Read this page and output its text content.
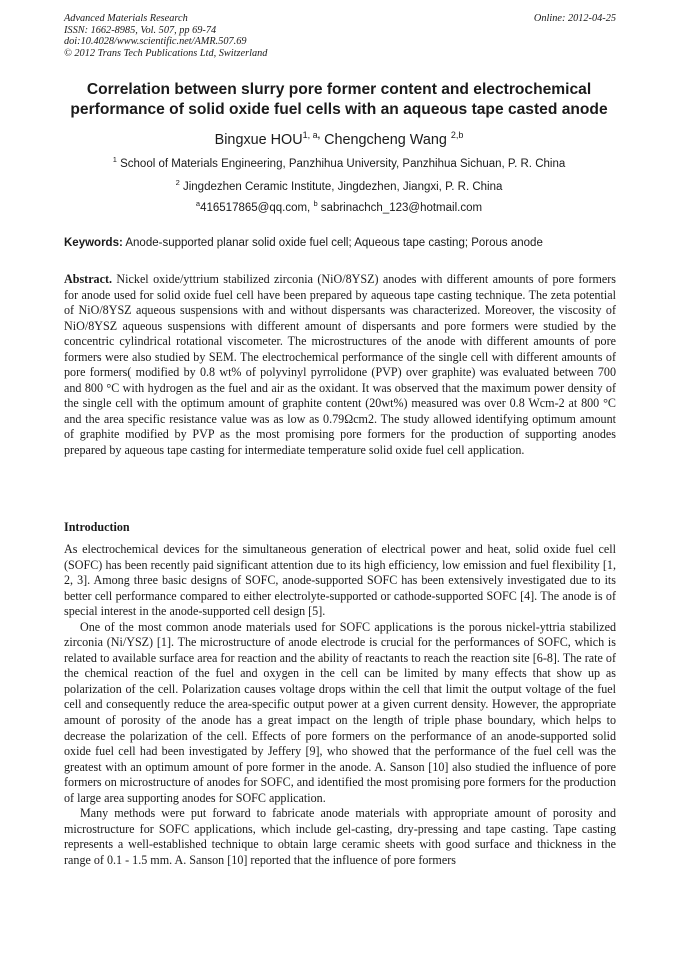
Advanced Materials Research
ISSN: 1662-8985, Vol. 507, pp 69-74
doi:10.4028/www.scientific.net/AMR.507.69
© 2012 Trans Tech Publications Ltd, Switzerland
Online: 2012-04-25
Correlation between slurry pore former content and electrochemical performance of solid oxide fuel cells with an aqueous tape casted anode
Bingxue $HOU^{1, a,}$ Chengcheng Wang $^{2,b}$
$^1$ School of Materials Engineering, Panzhihua University, Panzhihua Sichuan, P. R. China
$^2$ Jingdezhen Ceramic Institute, Jingdezhen, Jiangxi, P. R. China
$^a$416517865@qq.com, $^b$ sabrinachch_123@hotmail.com
Keywords: Anode-supported planar solid oxide fuel cell; Aqueous tape casting; Porous anode
Abstract. Nickel oxide/yttrium stabilized zirconia (NiO/8YSZ) anodes with different amounts of pore formers for anode used for solid oxide fuel cell have been prepared by aqueous tape casting technique. The zeta potential of NiO/8YSZ aqueous suspensions with and without dispersants was characterized. Moreover, the viscosity of NiO/8YSZ aqueous suspensions with different amount of dispersants and pore formers were studied by the concentric cylindrical rotational viscometer. The microstructures of the anode with different amounts of pore formers were also studied by SEM. The electrochemical performance of the single cell with different amounts of pore formers( modified by 0.8 wt% of polyvinyl pyrrolidone (PVP) over graphite) was evaluated between 700 and 800 °C with hydrogen as the fuel and air as the oxidant. It was observed that the maximum power density of the single cell with the optimum amount of graphite content (20wt%) measured was over 0.8 Wcm-2 at 800 °C and the area specific resistance value was as low as 0.79Ωcm2. The study allowed identifying optimum amount of graphite modified by PVP as the most promising pore formers for the production of supporting anodes prepared by aqueous tape casting for intermediate temperature solid oxide fuel cell application.
Introduction

As electrochemical devices for the simultaneous generation of electrical power and heat, solid oxide fuel cell (SOFC) has been recently paid significant attention due to its high efficiency, low emission and fuel flexibility [1, 2, 3]. Among three basic designs of SOFC, anode-supported SOFC has been extensively investigated due to its better cell performance compared to either electrolyte-supported or cathode-supported SOFC [4]. The anode is of special interest in the anode-supported cell design [5].

One of the most common anode materials used for SOFC applications is the porous nickel-yttria stabilized zirconia (Ni/YSZ) [1]. The microstructure of anode electrode is crucial for the performances of SOFC, which is related to available surface area for reaction and the ability of reactants to reach the reaction site [6-8]. The rate of the chemical reaction of the fuel and oxygen in the cell can be limited by many effects that show up as polarization of the cell. Polarization causes voltage drops within the cell that limit the output voltage of the fuel cell and consequently reduce the area-specific output power at a given current density. However, the appropriate amount of porosity of the anode has a great impact on the length of triple phase boundary, which helps to decrease the polarization of the cell. Effects of pore formers on the performance of an anode-supported solid oxide fuel cell had been investigated by Jeffery [9], who showed that the performance of the fuel cell was the greatest with an optimum amount of pore former in the anode. A. Sanson [10] also studied the influence of pore formers on microstructure of anodes for SOFC, and identified the most promising pore formers for the production of large area supporting anodes for SOFC application.

Many methods were put forward to fabricate anode materials with appropriate amount of porosity and microstructure for SOFC applications, which include gel-casting, dry-pressing and tape casting. Tape casting represents a well-established technique to obtain large ceramic sheets with good surface and thickness in the range of 0.1 - 1.5 mm. A. Sanson [10] reported that the influence of pore formers
